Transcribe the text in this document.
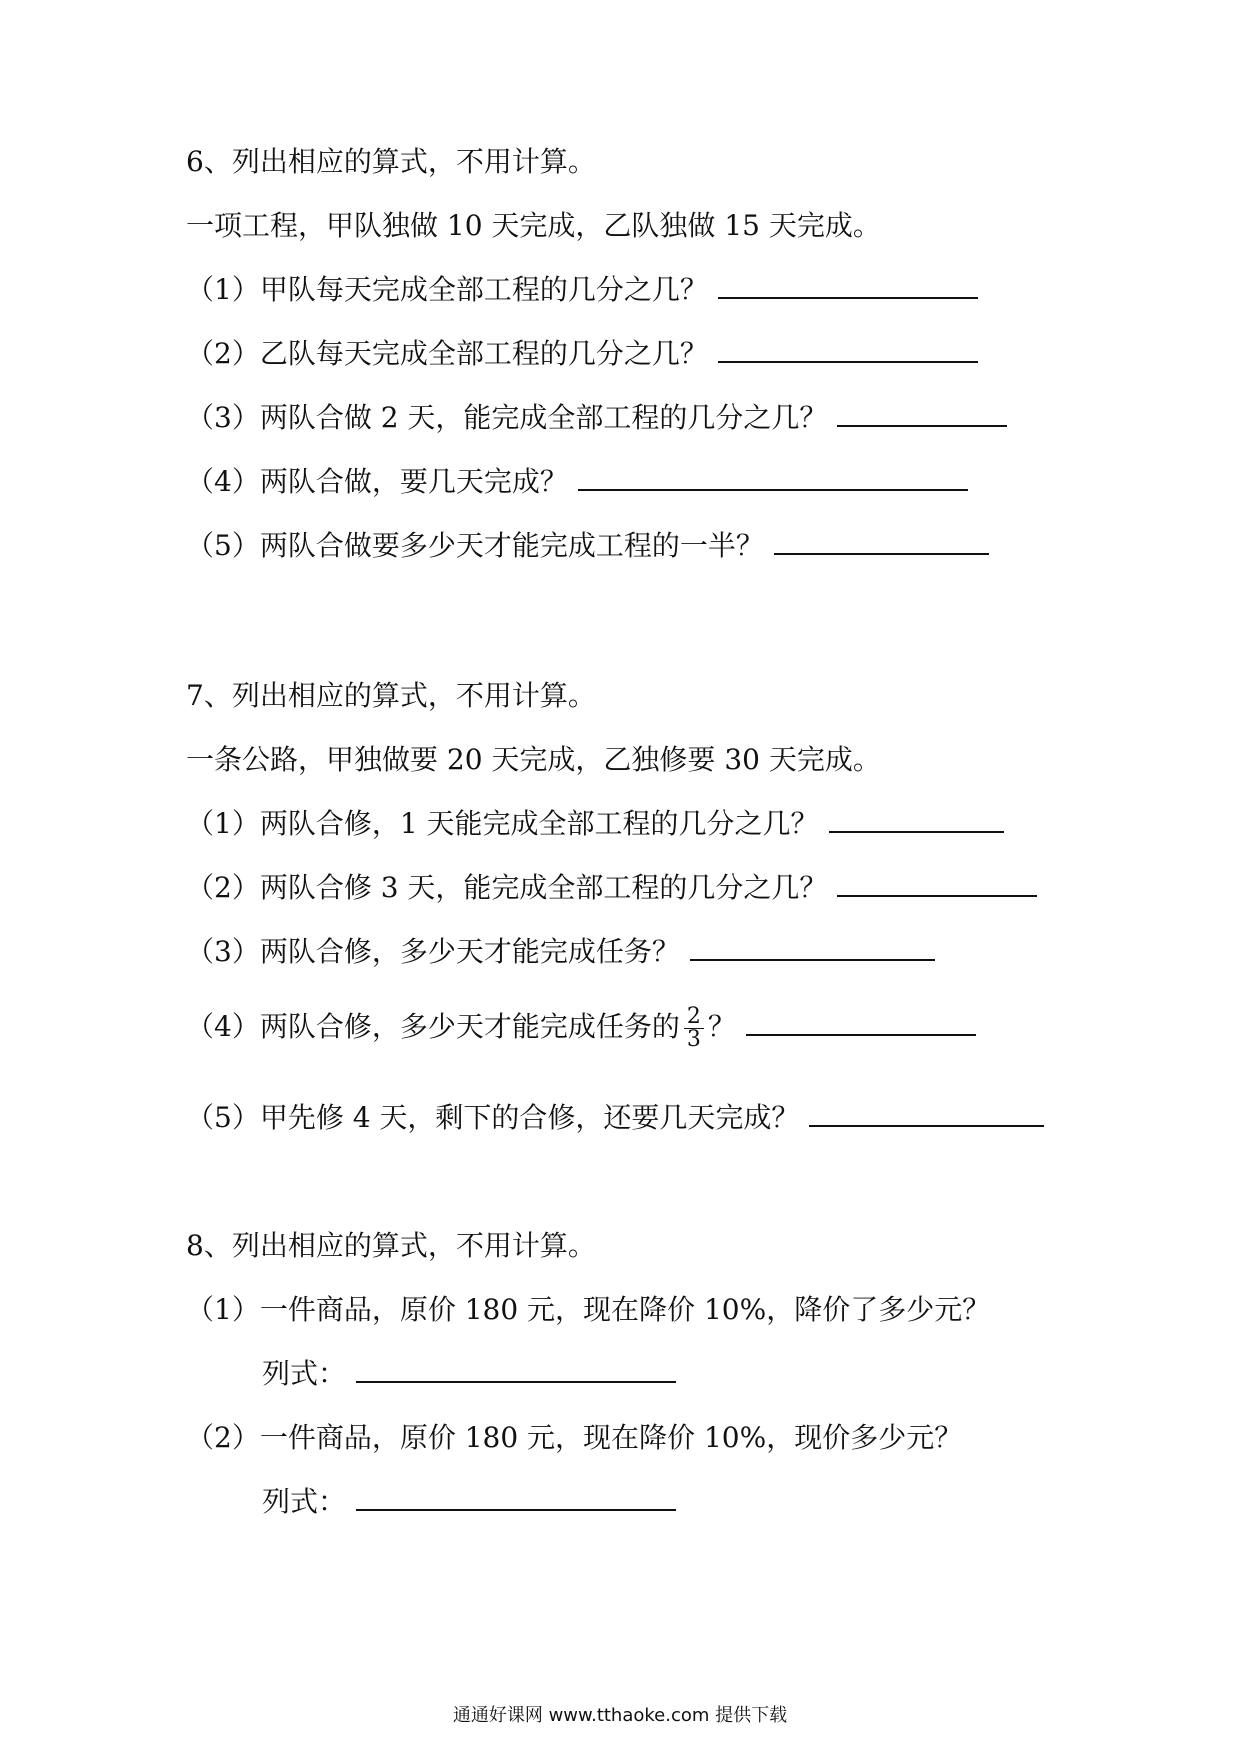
6、列出相应的算式，不用计算。
一项工程，甲队独做 10 天完成，乙队独做 15 天完成。
（1）甲队每天完成全部工程的几分之几？
（2）乙队每天完成全部工程的几分之几？
（3）两队合做 2 天，能完成全部工程的几分之几？
（4）两队合做，要几天完成？
（5）两队合做要多少天才能完成工程的一半？
7、列出相应的算式，不用计算。
一条公路，甲独做要 20 天完成，乙独修要 30 天完成。
（1）两队合修，1 天能完成全部工程的几分之几？
（2）两队合修 3 天，能完成全部工程的几分之几？
（3）两队合修，多少天才能完成任务？
（4）两队合修，多少天才能完成任务的 $\frac{2}{3}$ ？
（5）甲先修 4 天，剩下的合修，还要几天完成？
8、列出相应的算式，不用计算。
（1）一件商品，原价 180 元，现在降价 10%，降价了多少元？
列式：
（2）一件商品，原价 180 元，现在降价 10%，现价多少元？
列式：
通通好课网 www.tthaoke.com 提供下载
